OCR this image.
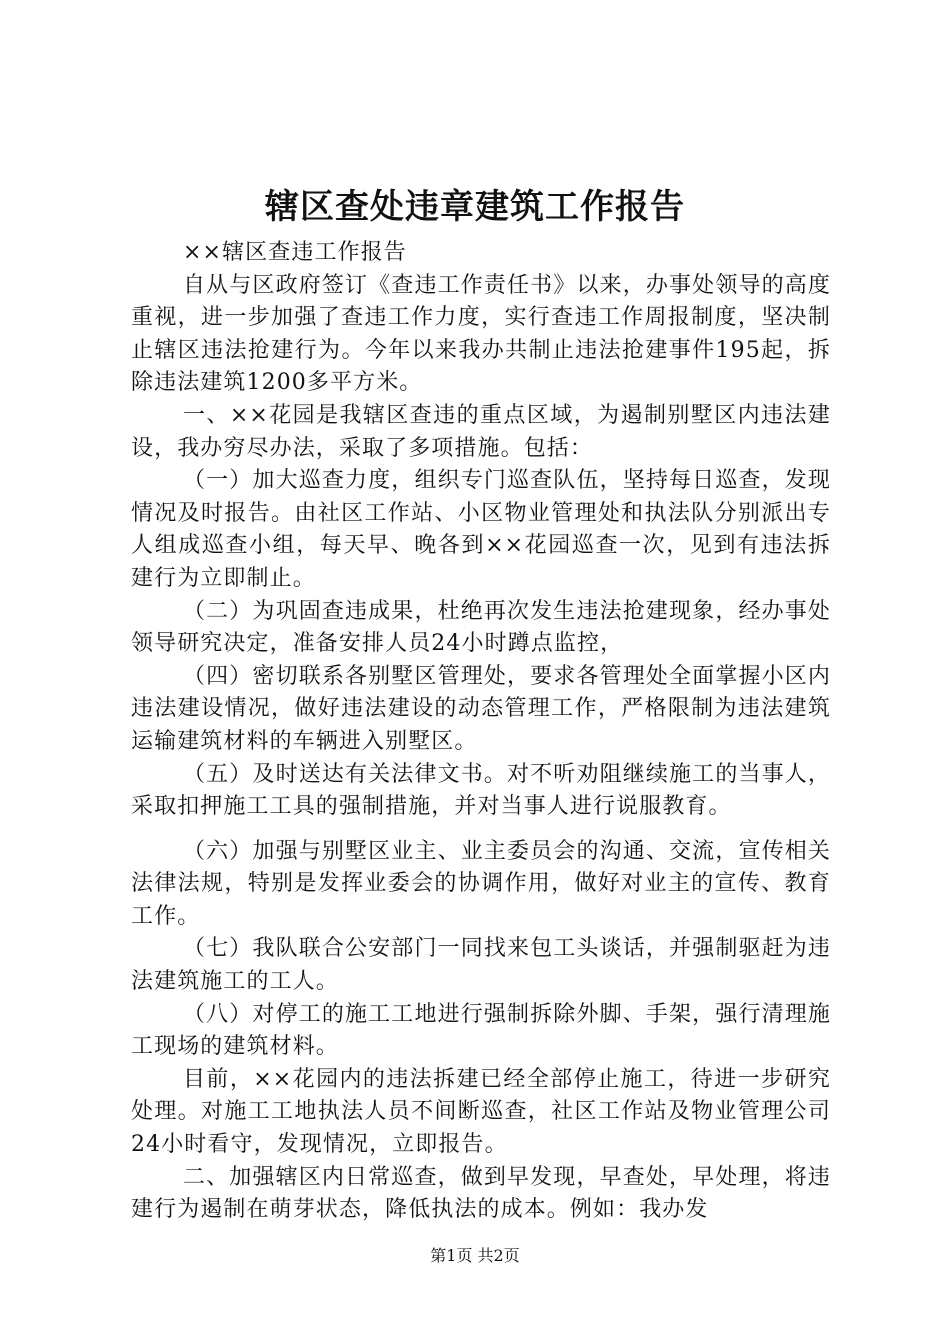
辖区查处违章建筑工作报告

××辖区查违工作报告

自从与区政府签订《查违工作责任书》以来，办事处领导的高度重视，进一步加强了查违工作力度，实行查违工作周报制度，坚决制止辖区违法抢建行为。今年以来我办共制止违法抢建事件195起，拆除违法建筑1200多平方米。

一、××花园是我辖区查违的重点区域，为遏制别墅区内违法建设，我办穷尽办法，采取了多项措施。包括：

（一）加大巡查力度，组织专门巡查队伍，坚持每日巡查，发现情况及时报告。由社区工作站、小区物业管理处和执法队分别派出专人组成巡查小组，每天早、晚各到××花园巡查一次，见到有违法拆建行为立即制止。

（二）为巩固查违成果，杜绝再次发生违法抢建现象，经办事处领导研究决定，准备安排人员24小时蹲点监控，

（四）密切联系各别墅区管理处，要求各管理处全面掌握小区内违法建设情况，做好违法建设的动态管理工作，严格限制为违法建筑运输建筑材料的车辆进入别墅区。

（五）及时送达有关法律文书。对不听劝阻继续施工的当事人，采取扣押施工工具的强制措施，并对当事人进行说服教育。

（六）加强与别墅区业主、业主委员会的沟通、交流，宣传相关法律法规，特别是发挥业委会的协调作用，做好对业主的宣传、教育工作。

（七）我队联合公安部门一同找来包工头谈话，并强制驱赶为违法建筑施工的工人。

（八）对停工的施工工地进行强制拆除外脚、手架，强行清理施工现场的建筑材料。

目前，××花园内的违法拆建已经全部停止施工，待进一步研究处理。对施工工地执法人员不间断巡查，社区工作站及物业管理公司24小时看守，发现情况，立即报告。

二、加强辖区内日常巡查，做到早发现，早查处，早处理，将违建行为遏制在萌芽状态，降低执法的成本。例如：我办发

第1页 共2页
